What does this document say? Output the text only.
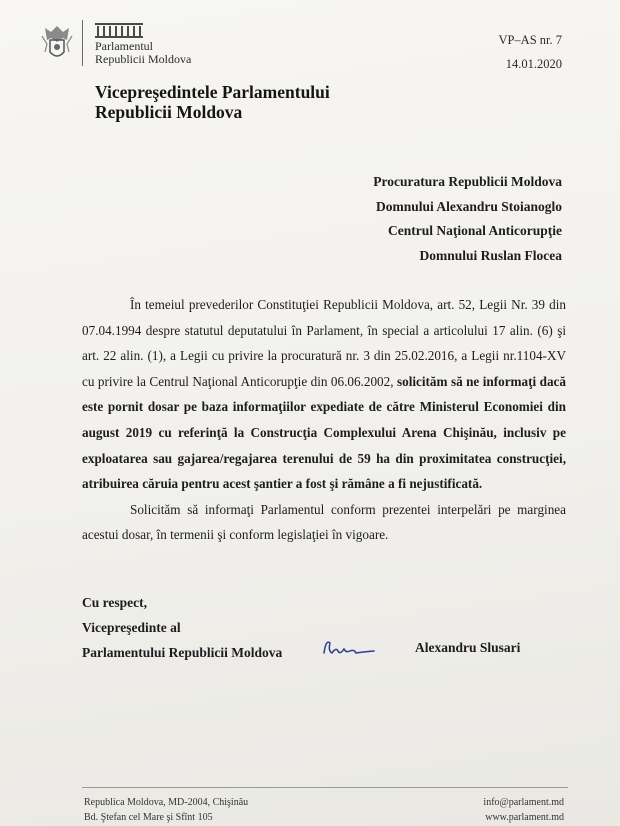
Parlamentul
Republicii Moldova
VP–AS nr. 7
14.01.2020
Vicepreşedintele Parlamentului
Republicii Moldova
Procuratura Republicii Moldova
Domnului Alexandru Stoianoglo
Centrul Naţional Anticorupţie
Domnului Ruslan Flocea

În temeiul prevederilor Constituţiei Republicii Moldova, art. 52, Legii Nr. 39 din 07.04.1994 despre statutul deputatului în Parlament, în special a articolului 17 alin. (6) şi art. 22 alin. (1), a Legii cu privire la procuratură nr. 3 din 25.02.2016, a Legii nr.1104-XV cu privire la Centrul Naţional Anticorupţie din 06.06.2002, solicităm să ne informaţi dacă este pornit dosar pe baza informaţiilor expediate de către Ministerul Economiei din august 2019 cu referinţă la Construcţia Complexului Arena Chişinău, inclusiv pe exploatarea sau gajarea/regajarea terenului de 59 ha din proximitatea construcţiei, atribuirea căruia pentru acest şantier a fost şi rămâne a fi nejustificată.

Solicităm să informaţi Parlamentul conform prezentei interpelări pe marginea acestui dosar, în termenii şi conform legislaţiei în vigoare.

Cu respect,
Vicepreşedinte al
Parlamentului Republicii Moldova	Alexandru Slusari
Republica Moldova, MD-2004, Chişinău
Bd. Ştefan cel Mare şi Sfînt 105
info@parlament.md
www.parlament.md
